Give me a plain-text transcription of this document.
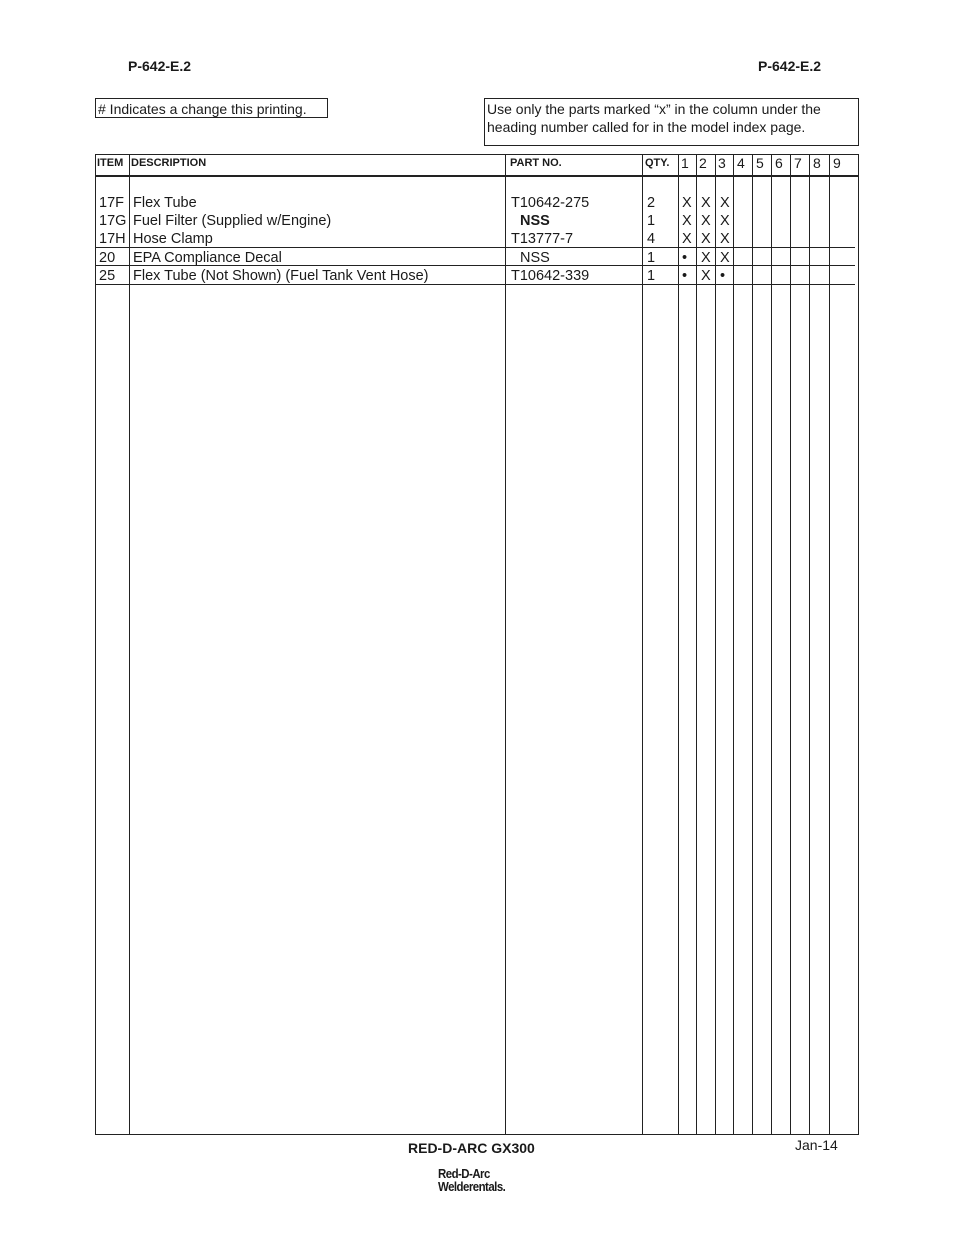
P-642-E.2	P-642-E.2
# Indicates a change this printing.	Use only the parts marked “x” in the column under the heading number called for in the model index page.
ITEM DESCRIPTION	PART NO.	QTY. 1 2 3 4 5 6 7 8 9
17F Flex Tube	T10642-275	2 X X X
17G Fuel Filter (Supplied w/Engine)	NSS	1 X X X
17H Hose Clamp	T13777-7	4 X X X
20 EPA Compliance Decal	NSS	1 • X X
25 Flex Tube (Not Shown) (Fuel Tank Vent Hose)	T10642-339	1 • X •
RED-D-ARC GX300	Jan-14
Red-D-Arc
Welderentals.
